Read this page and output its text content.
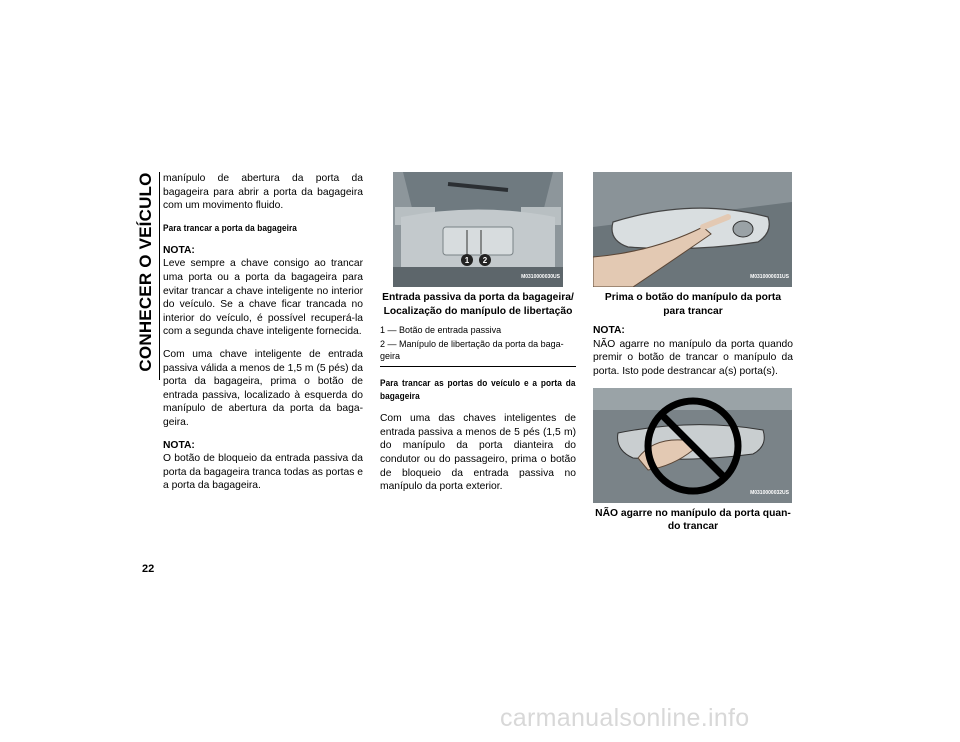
CONHECER O VEÍCULO
22

manípulo de abertura da porta da bagageira para abrir a porta da bagageira com um movimento fluido.

Para trancar a porta da bagageira
NOTA:

Leve sempre a chave consigo ao trancar uma porta ou a porta da bagageira para evitar trancar a chave inteligente no interior do veículo. Se a chave ficar trancada no interior do veículo, é possível recuperá-la com a segunda chave inteligente fornecida.

Com uma chave inteligente de entrada passiva válida a menos de 1,5 m (5 pés) da porta da bagageira, prima o botão de entrada passiva, localizado à esquerda do manípulo de abertura da porta da baga-geira.

NOTA:

O botão de bloqueio da entrada passiva da porta da bagageira tranca todas as portas e a porta da bagageira.

1 2
M0310000030US
Entrada passiva da porta da bagageira/ Localização do manípulo de libertação
1 — Botão de entrada passiva
2 — Manípulo de libertação da porta da baga-geira
Para trancar as portas do veículo e a porta da bagageira

Com uma das chaves inteligentes de entrada passiva a menos de 5 pés (1,5 m) do manípulo da porta dianteira do condutor ou do passageiro, prima o botão de bloqueio da entrada passiva no manípulo da porta exterior.

M0310000031US
Prima o botão do manípulo da porta para trancar
NOTA:

NÃO agarre no manípulo da porta quando premir o botão de trancar o manípulo da porta. Isto pode destrancar a(s) porta(s).

M0310000032US
NÃO agarre no manípulo da porta quan-do trancar
carmanualsonline.info
